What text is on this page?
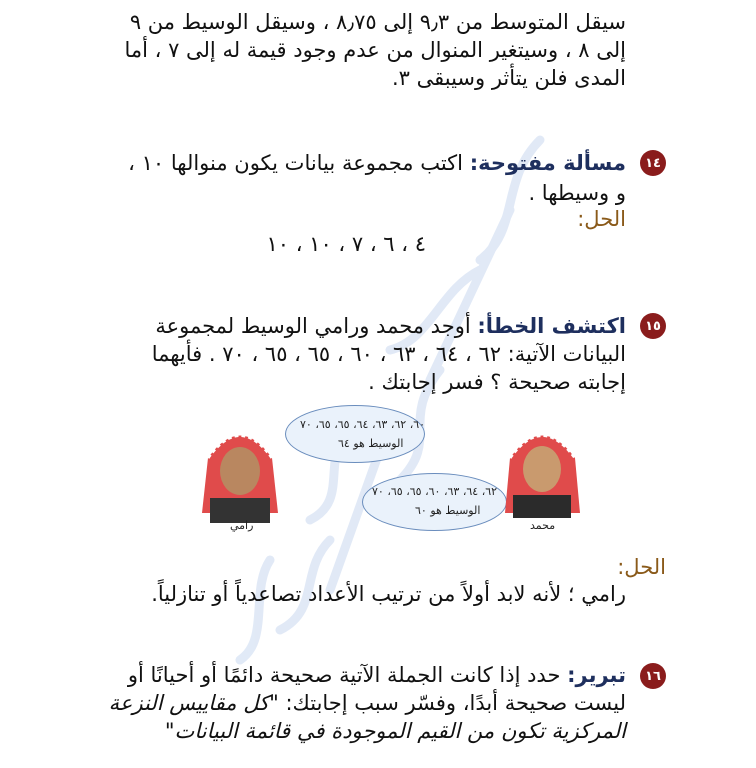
سيقل المتوسط من ٩٫٣ إلى ٨٫٧٥ ، وسيقل الوسيط من ٩
إلى ٨ ، وسيتغير المنوال من عدم وجود قيمة له إلى ٧ ، أما
المدى فلن يتأثر وسيبقى ٣.
١٤
مسألة مفتوحة: اكتب مجموعة بيانات يكون منوالها ١٠ ،
و وسيطها .
الحل:
٤ ، ٦ ، ٧ ، ١٠ ، ١٠
١٥
اكتشف الخطأ: أوجد محمد ورامي الوسيط لمجموعة
البيانات الآتية: ٦٢ ، ٦٤ ، ٦٣ ، ٦٠ ، ٦٥ ، ٦٥ ، ٧٠ . فأيهما
إجابته صحيحة ؟ فسر إجابتك .
رامي
٦٠، ٦٢، ٦٣، ٦٤، ٦٥، ٦٥، ٧٠
الوسيط هو ٦٤
٦٢، ٦٤، ٦٣، ٦٠، ٦٥، ٦٥، ٧٠
الوسيط هو ٦٠
محمد
الحل:
رامي ؛ لأنه لابد أولاً من ترتيب الأعداد تصاعدياً أو تنازلياً.
١٦
تبرير: حدد إذا كانت الجملة الآتية صحيحة دائمًا أو أحيانًا أو
ليست صحيحة أبدًا، وفسّر سبب إجابتك: "كل مقاييس النزعة
المركزية تكون من القيم الموجودة في قائمة البيانات"
